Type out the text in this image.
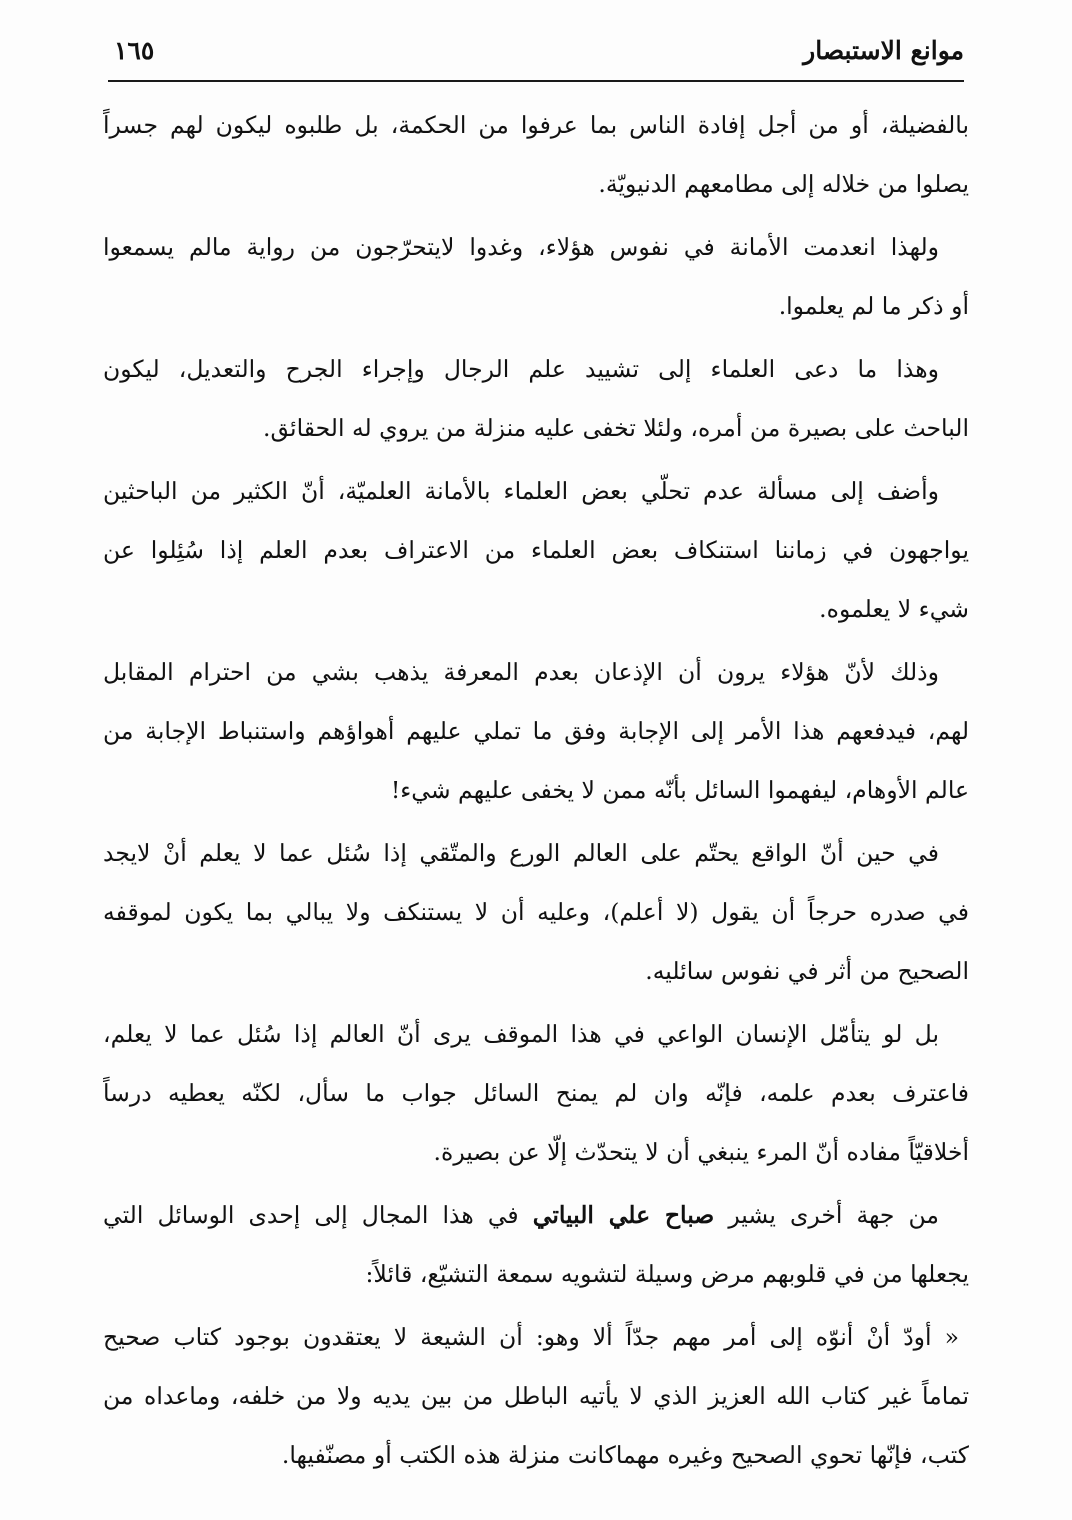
موانع الاستبصار
١٦٥
بالفضيلة، أو من أجل إفادة الناس بما عرفوا من الحكمة، بل طلبوه ليكون لهم جسراً
يصلوا من خلاله إلى مطامعهم الدنيويّة.
ولهذا انعدمت الأمانة في نفوس هؤلاء، وغدوا لايتحرّجون من رواية مالم يسمعوا
أو ذكر ما لم يعلموا.
وهذا ما دعى العلماء إلى تشييد علم الرجال وإجراء الجرح والتعديل، ليكون
الباحث على بصيرة من أمره، ولئلا تخفى عليه منزلة من يروي له الحقائق.
وأضف إلى مسألة عدم تحلّي بعض العلماء بالأمانة العلميّة، أنّ الكثير من الباحثين
يواجهون في زماننا استنكاف بعض العلماء من الاعتراف بعدم العلم إذا سُئِلوا عن
شيء لا يعلموه.
وذلك لأنّ هؤلاء يرون أن الإذعان بعدم المعرفة يذهب بشي من احترام المقابل
لهم، فيدفعهم هذا الأمر إلى الإجابة وفق ما تملي عليهم أهواؤهم واستنباط الإجابة من
عالم الأوهام، ليفهموا السائل بأنّه ممن لا يخفى عليهم شيء!
في حين أنّ الواقع يحتّم على العالم الورع والمتّقي إذا سُئل عما لا يعلم أنْ لايجد
في صدره حرجاً أن يقول (لا أعلم)، وعليه أن لا يستنكف ولا يبالي بما يكون لموقفه
الصحيح من أثر في نفوس سائليه.
بل لو يتأمّل الإنسان الواعي في هذا الموقف يرى أنّ العالم إذا سُئل عما لا يعلم،
فاعترف بعدم علمه، فإنّه وان لم يمنح السائل جواب ما سأل، لكنّه يعطيه درساً
أخلاقيّاً مفاده أنّ المرء ينبغي أن لا يتحدّث إلّا عن بصيرة.
من جهة أخرى يشير صباح علي البياتي في هذا المجال إلى إحدى الوسائل التي
يجعلها من في قلوبهم مرض وسيلة لتشويه سمعة التشيّع، قائلاً:
« أودّ أنْ أنوّه إلى أمر مهم جدّاً ألا وهو: أن الشيعة لا يعتقدون بوجود كتاب صحيح
تماماً غير كتاب الله العزيز الذي لا يأتيه الباطل من بين يديه ولا من خلفه، وماعداه من
كتب، فإنّها تحوي الصحيح وغيره مهماكانت منزلة هذه الكتب أو مصنّفيها.
